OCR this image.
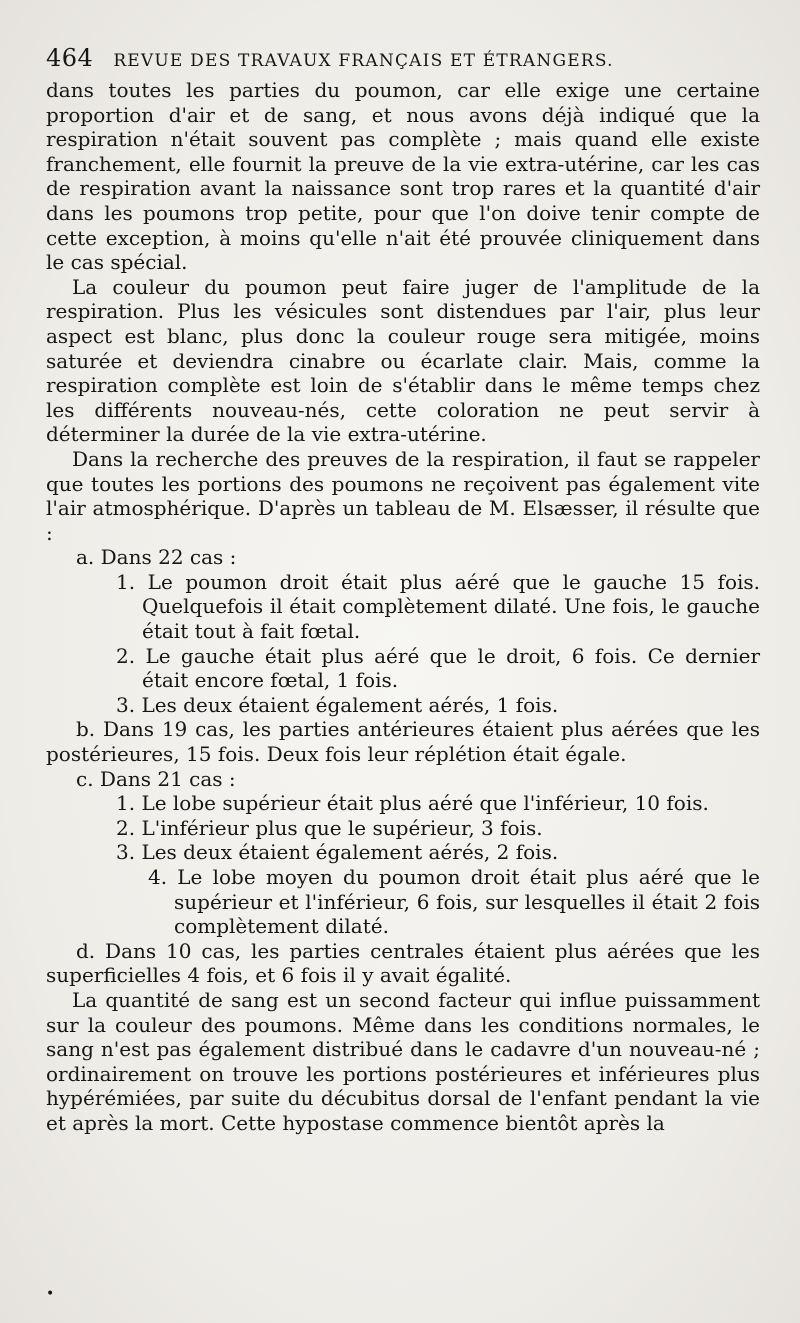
464 REVUE DES TRAVAUX FRANÇAIS ET ÉTRANGERS.

dans toutes les parties du poumon, car elle exige une certaine proportion d'air et de sang, et nous avons déjà indiqué que la respiration n'était souvent pas complète ; mais quand elle existe franchement, elle fournit la preuve de la vie extra-utérine, car les cas de respiration avant la naissance sont trop rares et la quantité d'air dans les poumons trop petite, pour que l'on doive tenir compte de cette exception, à moins qu'elle n'ait été prouvée cliniquement dans le cas spécial.

La couleur du poumon peut faire juger de l'amplitude de la respiration. Plus les vésicules sont distendues par l'air, plus leur aspect est blanc, plus donc la couleur rouge sera mitigée, moins saturée et deviendra cinabre ou écarlate clair. Mais, comme la respiration complète est loin de s'établir dans le même temps chez les différents nouveau-nés, cette coloration ne peut servir à déterminer la durée de la vie extra-utérine.

Dans la recherche des preuves de la respiration, il faut se rappeler que toutes les portions des poumons ne reçoivent pas également vite l'air atmosphérique. D'après un tableau de M. Elsæsser, il résulte que :

a. Dans 22 cas :

1. Le poumon droit était plus aéré que le gauche 15 fois. Quelquefois il était complètement dilaté. Une fois, le gauche était tout à fait fœtal.

2. Le gauche était plus aéré que le droit, 6 fois. Ce dernier était encore fœtal, 1 fois.

3. Les deux étaient également aérés, 1 fois.

b. Dans 19 cas, les parties antérieures étaient plus aérées que les postérieures, 15 fois. Deux fois leur réplétion était égale.

c. Dans 21 cas :

1. Le lobe supérieur était plus aéré que l'inférieur, 10 fois.

2. L'inférieur plus que le supérieur, 3 fois.

3. Les deux étaient également aérés, 2 fois.

4. Le lobe moyen du poumon droit était plus aéré que le supérieur et l'inférieur, 6 fois, sur lesquelles il était 2 fois complètement dilaté.

d. Dans 10 cas, les parties centrales étaient plus aérées que les superficielles 4 fois, et 6 fois il y avait égalité.

La quantité de sang est un second facteur qui influe puissamment sur la couleur des poumons. Même dans les conditions normales, le sang n'est pas également distribué dans le cadavre d'un nouveau-né ; ordinairement on trouve les portions postérieures et inférieures plus hypérémiées, par suite du décubitus dorsal de l'enfant pendant la vie et après la mort. Cette hypostase commence bientôt après la

•
